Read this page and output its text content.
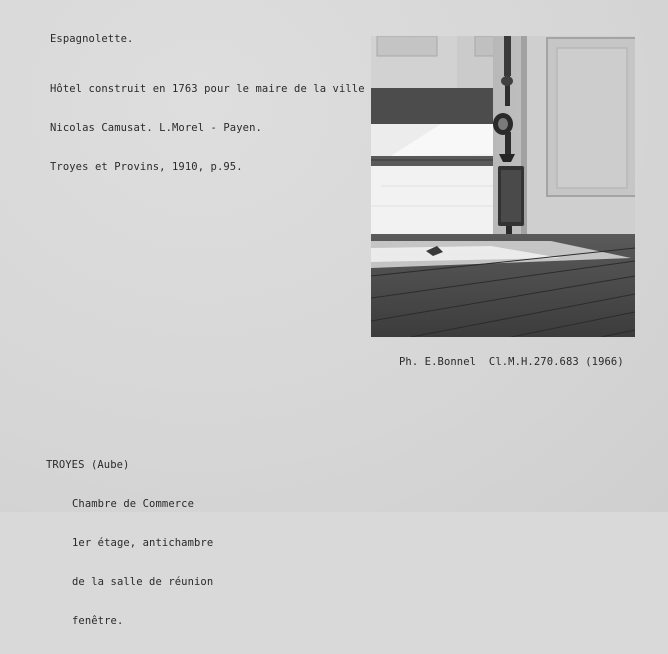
Espagnolette.

Hôtel construit en 1763 pour le maire de la ville

Nicolas Camusat. L.Morel - Payen.

Troyes et Provins, 1910, p.95.

Ph. E.Bonnel  Cl.M.H.270.683 (1966)

TROYES (Aube)

Chambre de Commerce

1er étage, antichambre

de la salle de réunion

fenêtre.
